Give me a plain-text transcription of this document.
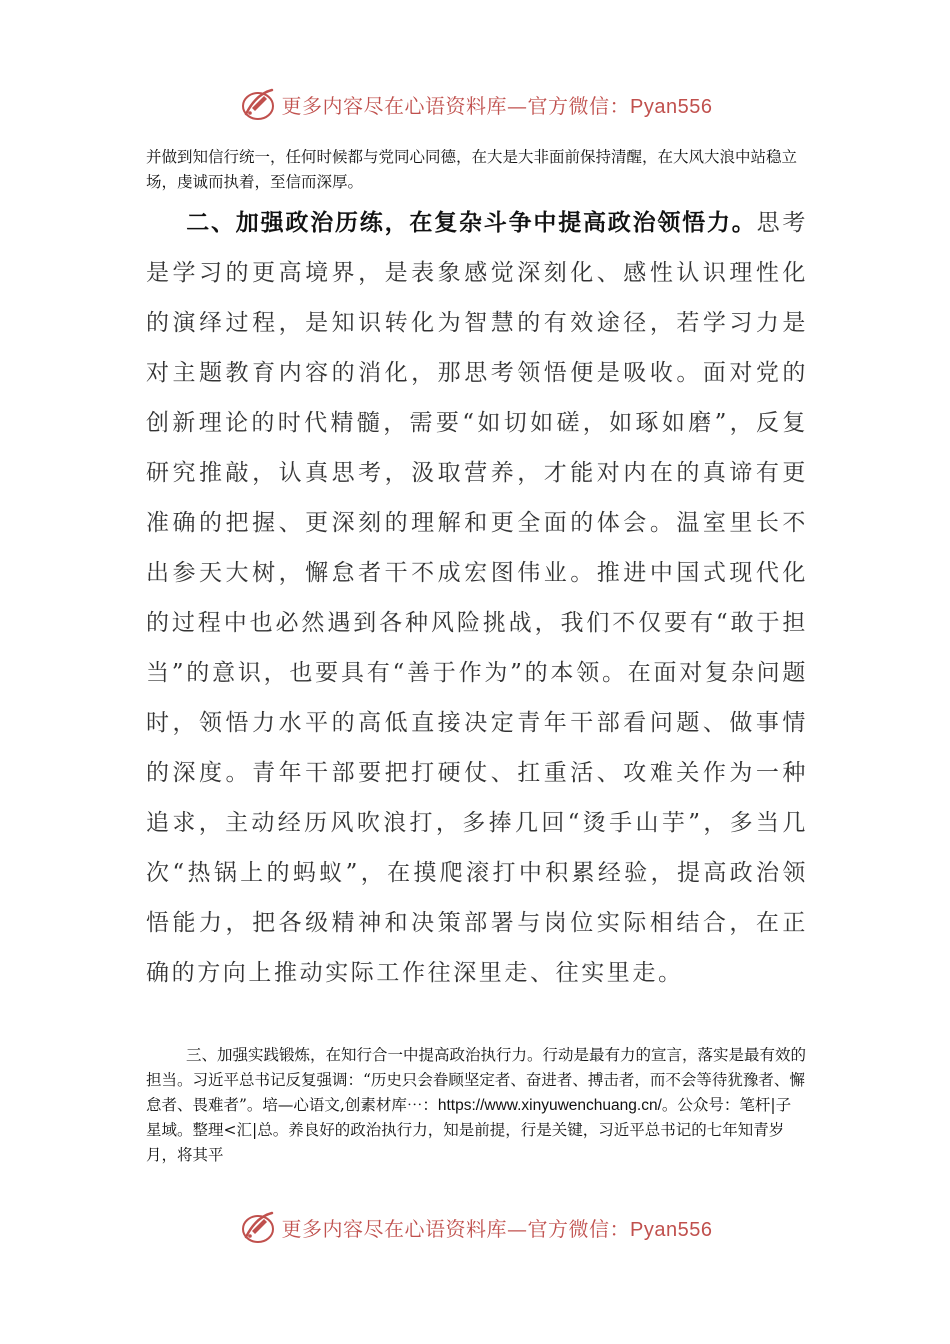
更多内容尽在心语资料库—官方微信：Pyan556

并做到知信行统一，任何时候都与党同心同德，在大是大非面前保持清醒，在大风大浪中站稳立场，虔诚而执着，至信而深厚。

二、加强政治历练，在复杂斗争中提高政治领悟力。思考是学习的更高境界，是表象感觉深刻化、感性认识理性化的演绎过程，是知识转化为智慧的有效途径，若学习力是对主题教育内容的消化，那思考领悟便是吸收。面对党的创新理论的时代精髓，需要“如切如磋，如琢如磨”，反复研究推敲，认真思考，汲取营养，才能对内在的真谛有更准确的把握、更深刻的理解和更全面的体会。温室里长不出参天大树，懈怠者干不成宏图伟业。推进中国式现代化的过程中也必然遇到各种风险挑战，我们不仅要有“敢于担当”的意识，也要具有“善于作为”的本领。在面对复杂问题时，领悟力水平的高低直接决定青年干部看问题、做事情的深度。青年干部要把打硬仗、扛重活、攻难关作为一种追求，主动经历风吹浪打，多捧几回“烫手山芋”，多当几次“热锅上的蚂蚁”，在摸爬滚打中积累经验，提高政治领悟能力，把各级精神和决策部署与岗位实际相结合，在正确的方向上推动实际工作往深里走、往实里走。

三、加强实践锻炼，在知行合一中提高政治执行力。行动是最有力的宣言，落实是最有效的担当。习近平总书记反复强调：“历史只会眷顾坚定者、奋进者、搏击者，而不会等待犹豫者、懈怠者、畏难者”。培—心语文,创素材库⋯：https://www.xinyuwenchuang.cn/。公众号：笔杆|子星域。整理<汇|总。养良好的政治执行力，知是前提，行是关键，习近平总书记的七年知青岁月，将其平

更多内容尽在心语资料库—官方微信：Pyan556
